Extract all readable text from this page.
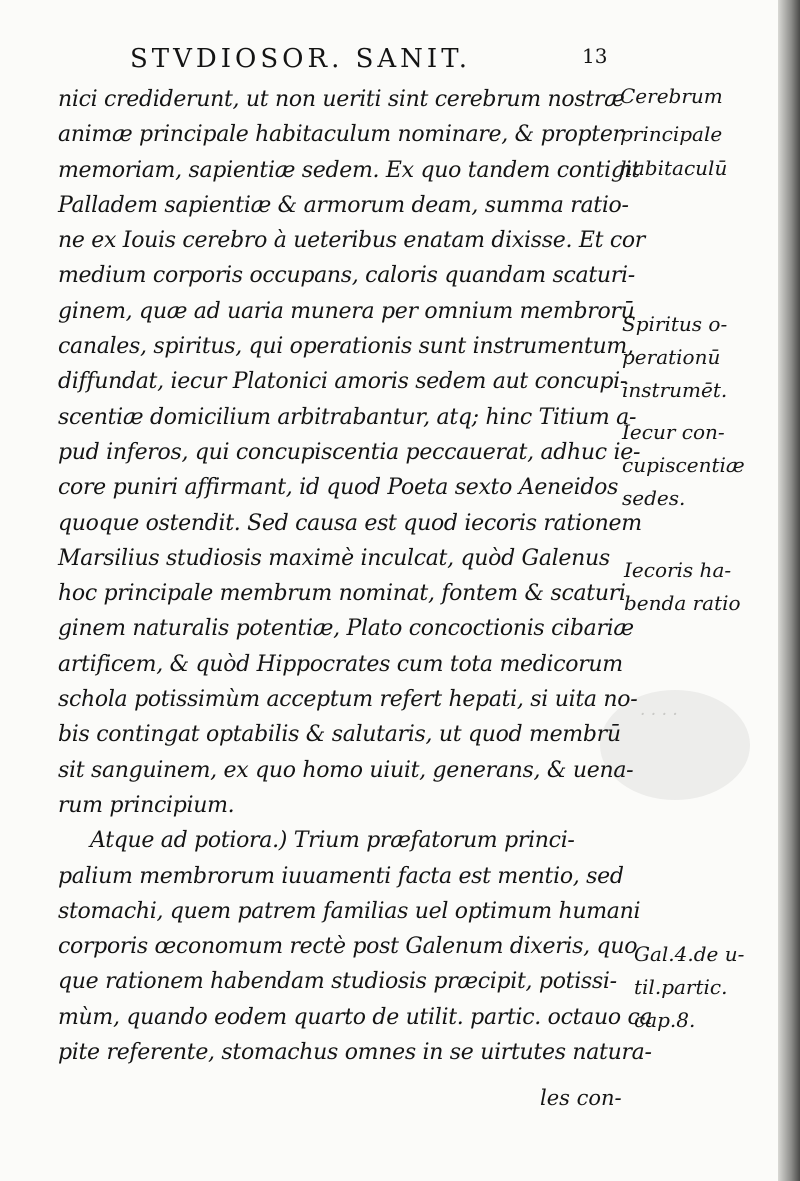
· · · ·
STVDIOSOR. SANIT.	13
nici crediderunt, ut non ueriti sint cerebrum nostræ
animæ principale habitaculum nominare, & propter
memoriam, sapientiæ sedem. Ex quo tandem contigit
Palladem sapientiæ & armorum deam, summa ratio-
ne ex Iouis cerebro à ueteribus enatam dixisse. Et cor
medium corporis occupans, caloris quandam scaturi-
ginem, quæ ad uaria munera per omnium membrorū
canales, spiritus, qui operationis sunt instrumentum,
diffundat, iecur Platonici amoris sedem aut concupi-
scentiæ domicilium arbitrabantur, atq; hinc Titium a-
pud inferos, qui concupiscentia peccauerat, adhuc ie-
core puniri affirmant, id quod Poeta sexto Aeneidos
quoque ostendit. Sed causa est quod iecoris rationem
Marsilius studiosis maximè inculcat, quòd Galenus
hoc principale membrum nominat, fontem & scaturi
ginem naturalis potentiæ, Plato concoctionis cibariæ
artificem, & quòd Hippocrates cum tota medicorum
schola potissimùm acceptum refert hepati, si uita no-
bis contingat optabilis & salutaris, ut quod membrū
sit sanguinem, ex quo homo uiuit, generans, & uena-
rum principium.
Atque ad potiora.) Trium præfatorum princi-
palium membrorum iuuamenti facta est mentio, sed
stomachi, quem patrem familias uel optimum humani
corporis œconomum rectè post Galenum dixeris, quo
que rationem habendam studiosis præcipit, potissi-
mùm, quando eodem quarto de utilit. partic. octauo ca
pite referente, stomachus omnes in se uirtutes natura-
Cerebrum
principale
habitaculū
Spiritus o-
perationū
instrumēt.
Iecur con-
cupiscentiæ
sedes.
Iecoris ha-
benda ratio
Gal.4.de u-
til.partic.
cap.8.
les con-
